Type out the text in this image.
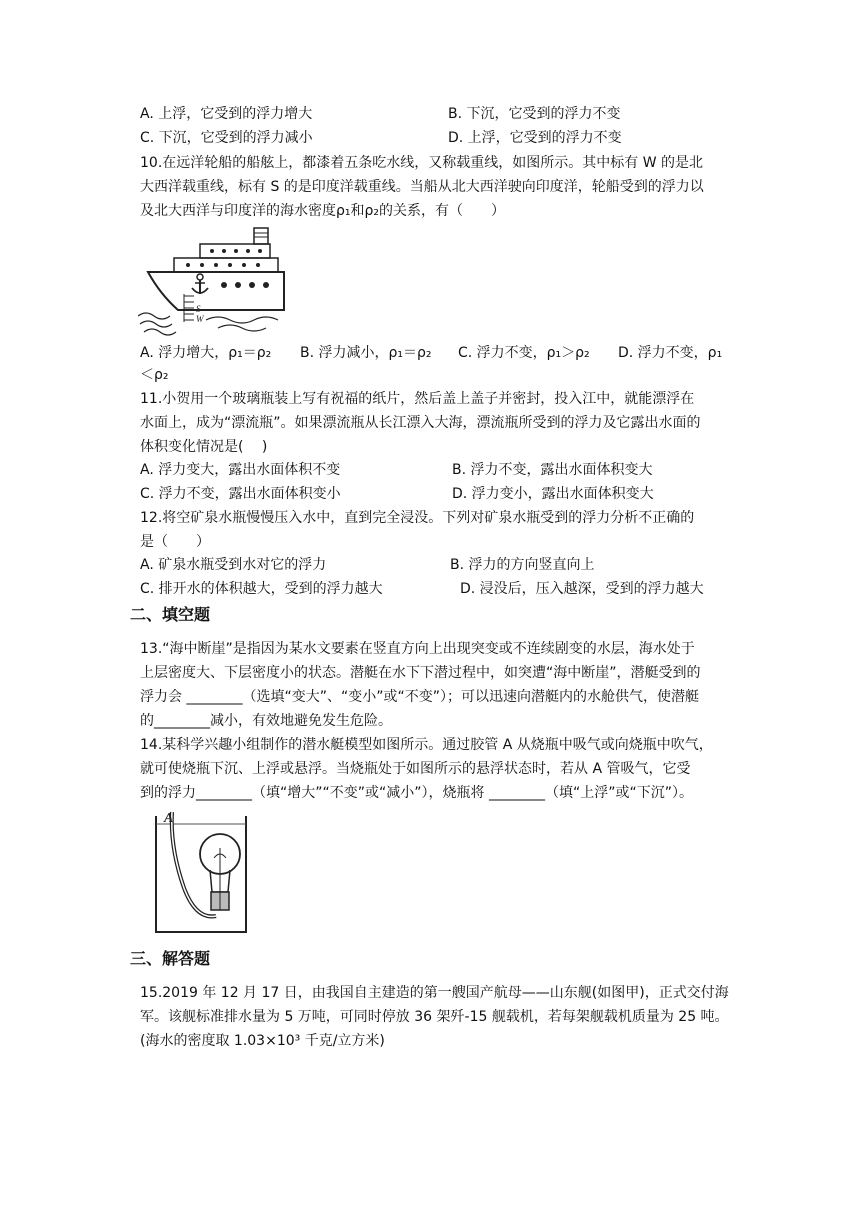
A. 上浮，它受到的浮力增大	B. 下沉，它受到的浮力不变
C. 下沉，它受到的浮力减小	D. 上浮，它受到的浮力不变
10.在远洋轮船的船舷上，都漆着五条吃水线，又称载重线，如图所示。其中标有 W 的是北
大西洋载重线，标有 S 的是印度洋载重线。当船从北大西洋驶向印度洋，轮船受到的浮力以
及北大西洋与印度洋的海水密度ρ₁和ρ₂的关系，有（　　）
S
W
A. 浮力增大，ρ₁＝ρ₂ B. 浮力减小，ρ₁＝ρ₂ C. 浮力不变，ρ₁＞ρ₂ D. 浮力不变，ρ₁
＜ρ₂
11.小贺用一个玻璃瓶装上写有祝福的纸片，然后盖上盖子并密封，投入江中，就能漂浮在
水面上，成为“漂流瓶”。如果漂流瓶从长江漂入大海，漂流瓶所受到的浮力及它露出水面的
体积变化情况是(　 )
A. 浮力变大，露出水面体积不变	B. 浮力不变，露出水面体积变大
C. 浮力不变，露出水面体积变小	D. 浮力变小，露出水面体积变大
12.将空矿泉水瓶慢慢压入水中，直到完全浸没。下列对矿泉水瓶受到的浮力分析不正确的
是（　　）
A. 矿泉水瓶受到水对它的浮力	B. 浮力的方向竖直向上
C. 排开水的体积越大，受到的浮力越大	D. 浸没后，压入越深，受到的浮力越大
二、填空题
13.“海中断崖”是指因为某水文要素在竖直方向上出现突变或不连续剧变的水层，海水处于
上层密度大、下层密度小的状态。潜艇在水下下潜过程中，如突遭“海中断崖”，潜艇受到的
浮力会 ________（选填“变大”、“变小”或“不变”）；可以迅速向潜艇内的水舱供气，使潜艇
的________减小，有效地避免发生危险。
14.某科学兴趣小组制作的潜水艇模型如图所示。通过胶管 A 从烧瓶中吸气或向烧瓶中吹气，
就可使烧瓶下沉、上浮或悬浮。当烧瓶处于如图所示的悬浮状态时，若从 A 管吸气，它受
到的浮力________（填“增大”“不变”或“减小”），烧瓶将 ________（填“上浮”或“下沉”）。
A
三、解答题
15.2019 年 12 月 17 日，由我国自主建造的第一艘国产航母——山东舰(如图甲)，正式交付海
军。该舰标准排水量为 5 万吨，可同时停放 36 架歼-15 舰载机，若每架舰载机质量为 25 吨。
(海水的密度取 1.03×10³ 千克/立方米)
